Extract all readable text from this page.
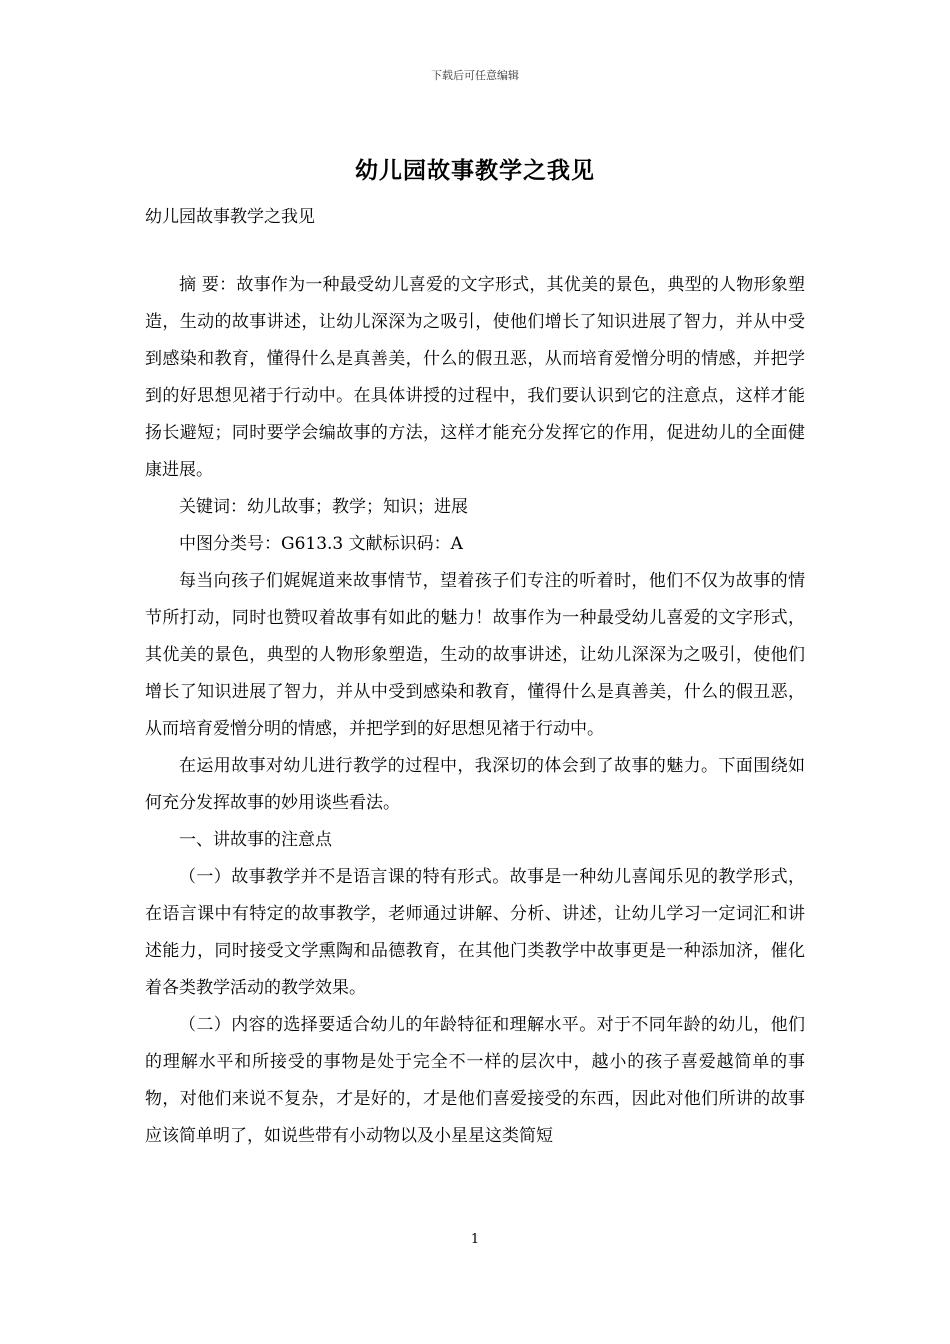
下载后可任意编辑
幼儿园故事教学之我见
幼儿园故事教学之我见

摘 要：故事作为一种最受幼儿喜爱的文字形式，其优美的景色，典型的人物形象塑造，生动的故事讲述，让幼儿深深为之吸引，使他们增长了知识进展了智力，并从中受到感染和教育，懂得什么是真善美，什么的假丑恶，从而培育爱憎分明的情感，并把学到的好思想见褚于行动中。在具体讲授的过程中，我们要认识到它的注意点，这样才能扬长避短；同时要学会编故事的方法，这样才能充分发挥它的作用，促进幼儿的全面健康进展。

关键词：幼儿故事；教学；知识；进展

中图分类号：G613.3 文献标识码：A

每当向孩子们娓娓道来故事情节，望着孩子们专注的听着时，他们不仅为故事的情节所打动，同时也赞叹着故事有如此的魅力！故事作为一种最受幼儿喜爱的文字形式，其优美的景色，典型的人物形象塑造，生动的故事讲述，让幼儿深深为之吸引，使他们增长了知识进展了智力，并从中受到感染和教育，懂得什么是真善美，什么的假丑恶，从而培育爱憎分明的情感，并把学到的好思想见褚于行动中。

在运用故事对幼儿进行教学的过程中，我深切的体会到了故事的魅力。下面围绕如何充分发挥故事的妙用谈些看法。

一、讲故事的注意点

（一）故事教学并不是语言课的特有形式。故事是一种幼儿喜闻乐见的教学形式，在语言课中有特定的故事教学，老师通过讲解、分析、讲述，让幼儿学习一定词汇和讲述能力，同时接受文学熏陶和品德教育，在其他门类教学中故事更是一种添加济，催化着各类教学活动的教学效果。

（二）内容的选择要适合幼儿的年龄特征和理解水平。对于不同年龄的幼儿，他们的理解水平和所接受的事物是处于完全不一样的层次中，越小的孩子喜爱越简单的事物，对他们来说不复杂，才是好的，才是他们喜爱接受的东西，因此对他们所讲的故事应该简单明了，如说些带有小动物以及小星星这类简短

1
